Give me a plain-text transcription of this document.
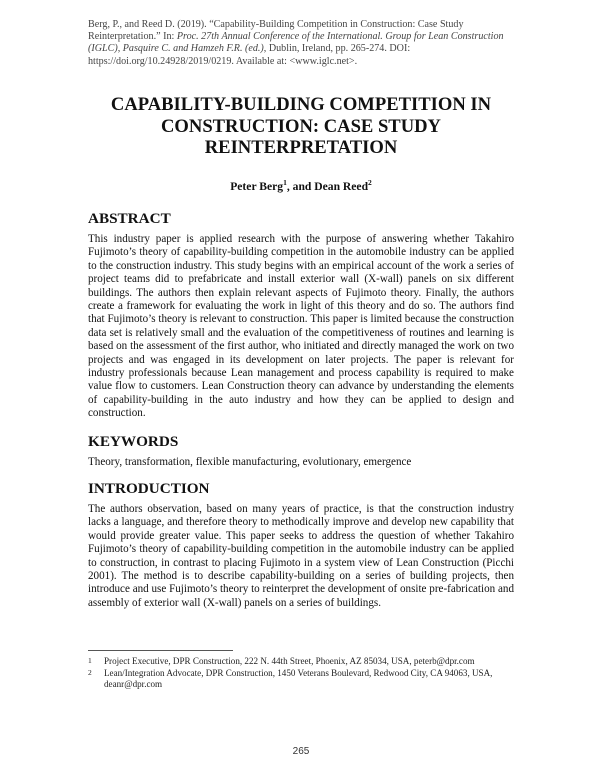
Berg, P., and Reed D. (2019). “Capability-Building Competition in Construction: Case Study
Reinterpretation.” In: Proc. 27th Annual Conference of the International. Group for Lean Construction
(IGLC), Pasquire C. and Hamzeh F.R. (ed.), Dublin, Ireland, pp. 265-274. DOI:
https://doi.org/10.24928/2019/0219. Available at: <www.iglc.net>.
CAPABILITY-BUILDING COMPETITION IN
CONSTRUCTION: CASE STUDY
REINTERPRETATION
Peter Berg$^1$, and Dean Reed$^2$
ABSTRACT

This industry paper is applied research with the purpose of answering whether Takahiro Fujimoto’s theory of capability-building competition in the automobile industry can be applied to the construction industry. This study begins with an empirical account of the work a series of project teams did to prefabricate and install exterior wall (X-wall) panels on six different buildings. The authors then explain relevant aspects of Fujimoto theory. Finally, the authors create a framework for evaluating the work in light of this theory and do so. The authors find that Fujimoto’s theory is relevant to construction. This paper is limited because the construction data set is relatively small and the evaluation of the competitiveness of routines and learning is based on the assessment of the first author, who initiated and directly managed the work on two projects and was engaged in its development on later projects. The paper is relevant for industry professionals because Lean management and process capability is required to make value flow to customers. Lean Construction theory can advance by understanding the elements of capability-building in the auto industry and how they can be applied to design and construction.

KEYWORDS

Theory, transformation, flexible manufacturing, evolutionary, emergence

INTRODUCTION

The authors observation, based on many years of practice, is that the construction industry lacks a language, and therefore theory to methodically improve and develop new capability that would provide greater value. This paper seeks to address the question of whether Takahiro Fujimoto’s theory of capability-building competition in the automobile industry can be applied to construction, in contrast to placing Fujimoto in a system view of Lean Construction (Picchi 2001). The method is to describe capability-building on a series of building projects, then introduce and use Fujimoto’s theory to reinterpret the development of onsite pre-fabrication and assembly of exterior wall (X-wall) panels on a series of buildings.

1	Project Executive, DPR Construction, 222 N. 44th Street, Phoenix, AZ 85034, USA, peterb@dpr.com
2	Lean/Integration Advocate, DPR Construction, 1450 Veterans Boulevard, Redwood City, CA 94063, USA, deanr@dpr.com
265
